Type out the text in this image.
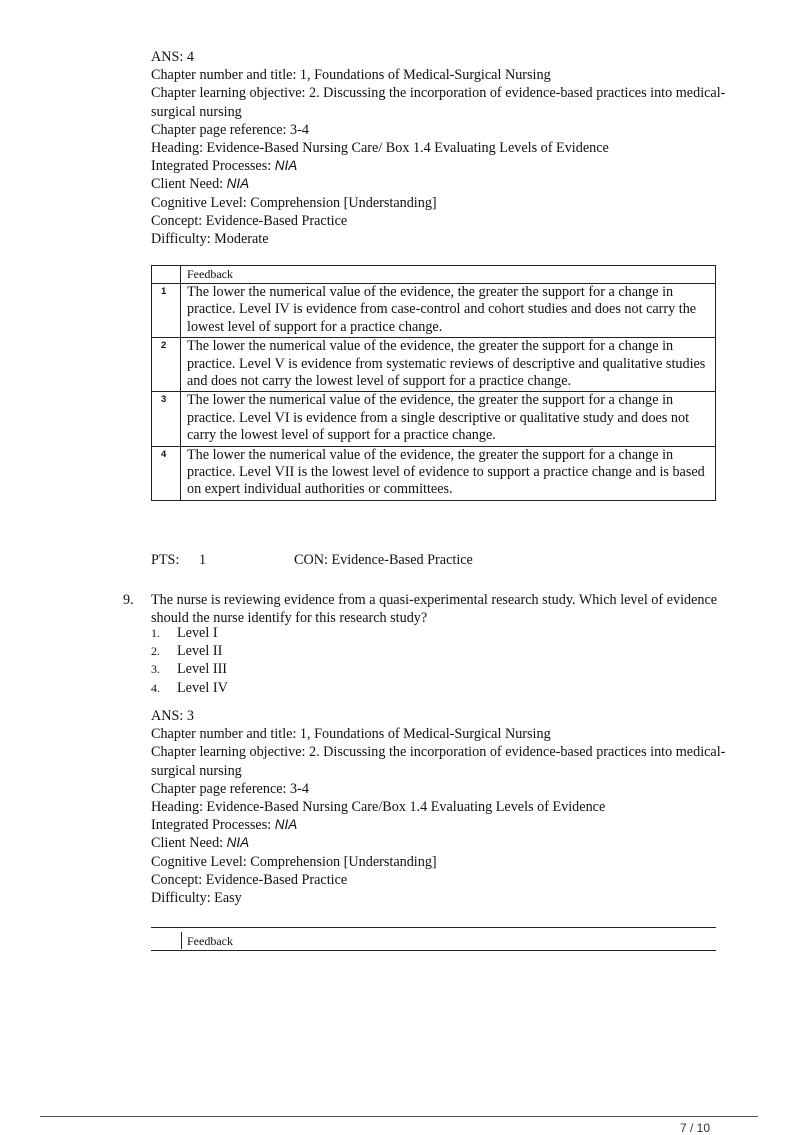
ANS: 4
Chapter number and title: 1, Foundations of Medical-Surgical Nursing
Chapter learning objective: 2. Discussing the incorporation of evidence-based practices into medical-surgical nursing
Chapter page reference: 3-4
Heading: Evidence-Based Nursing Care/ Box 1.4 Evaluating Levels of Evidence
Integrated Processes: NIA
Client Need: NIA
Cognitive Level: Comprehension [Understanding]
Concept: Evidence-Based Practice
Difficulty: Moderate
	Feedback
1	The lower the numerical value of the evidence, the greater the support for a change in practice. Level IV is evidence from case-control and cohort studies and does not carry the lowest level of support for a practice change.
2	The lower the numerical value of the evidence, the greater the support for a change in practice. Level V is evidence from systematic reviews of descriptive and qualitative studies and does not carry the lowest level of support for a practice change.
3	The lower the numerical value of the evidence, the greater the support for a change in practice. Level VI is evidence from a single descriptive or qualitative study and does not carry the lowest level of support for a practice change.
4	The lower the numerical value of the evidence, the greater the support for a change in practice. Level VII is the lowest level of evidence to support a practice change and is based on expert individual authorities or committees.
PTS: 1	CON: Evidence-Based Practice
9. The nurse is reviewing evidence from a quasi-experimental research study. Which level of evidence should the nurse identify for this research study?
1. Level I
2. Level II
3. Level III
4. Level IV
ANS: 3
Chapter number and title: 1, Foundations of Medical-Surgical Nursing
Chapter learning objective: 2. Discussing the incorporation of evidence-based practices into medical-surgical nursing
Chapter page reference: 3-4
Heading: Evidence-Based Nursing Care/Box 1.4 Evaluating Levels of Evidence
Integrated Processes: NIA
Client Need: NIA
Cognitive Level: Comprehension [Understanding]
Concept: Evidence-Based Practice
Difficulty: Easy
Feedback
7 / 10
